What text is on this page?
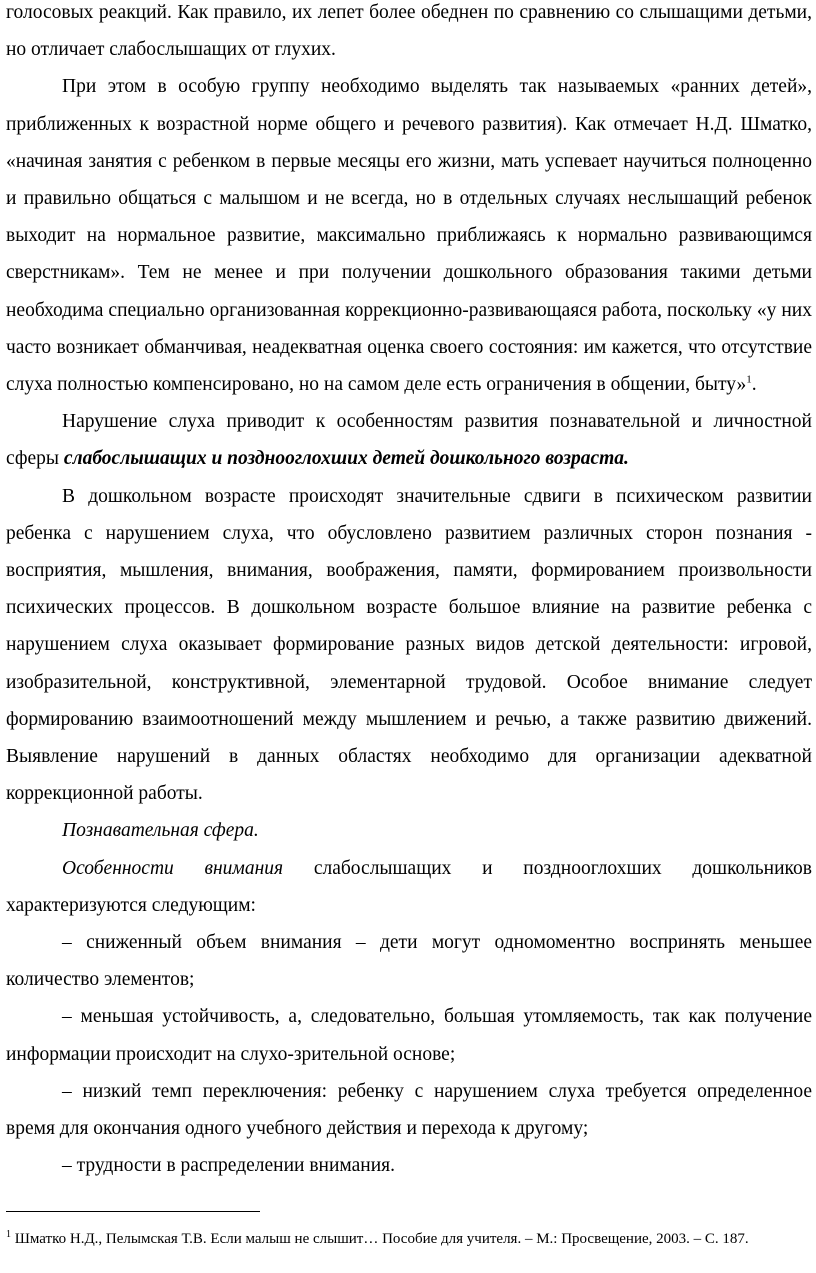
голосовых реакций. Как правило, их лепет более обеднен по сравнению со слышащими детьми, но отличает слабослышащих от глухих.

При этом в особую группу необходимо выделять так называемых «ранних детей», приближенных к возрастной норме общего и речевого развития). Как отмечает Н.Д. Шматко, «начиная занятия с ребенком в первые месяцы его жизни, мать успевает научиться полноценно и правильно общаться с малышом и не всегда, но в отдельных случаях неслышащий ребенок выходит на нормальное развитие, максимально приближаясь к нормально развивающимся сверстникам». Тем не менее и при получении дошкольного образования такими детьми необходима специально организованная коррекционно-развивающаяся работа, поскольку «у них часто возникает обманчивая, неадекватная оценка своего состояния: им кажется, что отсутствие слуха полностью компенсировано, но на самом деле есть ограничения в общении, быту»$^1$.

Нарушение слуха приводит к особенностям развития познавательной и личностной сферы слабослышащих и позднооглохших детей дошкольного возраста.

В дошкольном возрасте происходят значительные сдвиги в психическом развитии ребенка с нарушением слуха, что обусловлено развитием различных сторон познания - восприятия, мышления, внимания, воображения, памяти, формированием произвольности психических процессов. В дошкольном возрасте большое влияние на развитие ребенка с нарушением слуха оказывает формирование разных видов детской деятельности: игровой, изобразительной, конструктивной, элементарной трудовой. Особое внимание следует формированию взаимоотношений между мышлением и речью, а также развитию движений. Выявление нарушений в данных областях необходимо для организации адекватной коррекционной работы.

Познавательная сфера.

Особенности внимания слабослышащих и позднооглохших дошкольников характеризуются следующим:

– сниженный объем внимания – дети могут одномоментно воспринять меньшее количество элементов;

– меньшая устойчивость, а, следовательно, большая утомляемость, так как получение информации происходит на слухо-зрительной основе;

– низкий темп переключения: ребенку с нарушением слуха требуется определенное время для окончания одного учебного действия и перехода к другому;

– трудности в распределении внимания.

$^1$ Шматко Н.Д., Пелымская Т.В. Если малыш не слышит… Пособие для учителя. – М.: Просвещение, 2003. – С. 187.
